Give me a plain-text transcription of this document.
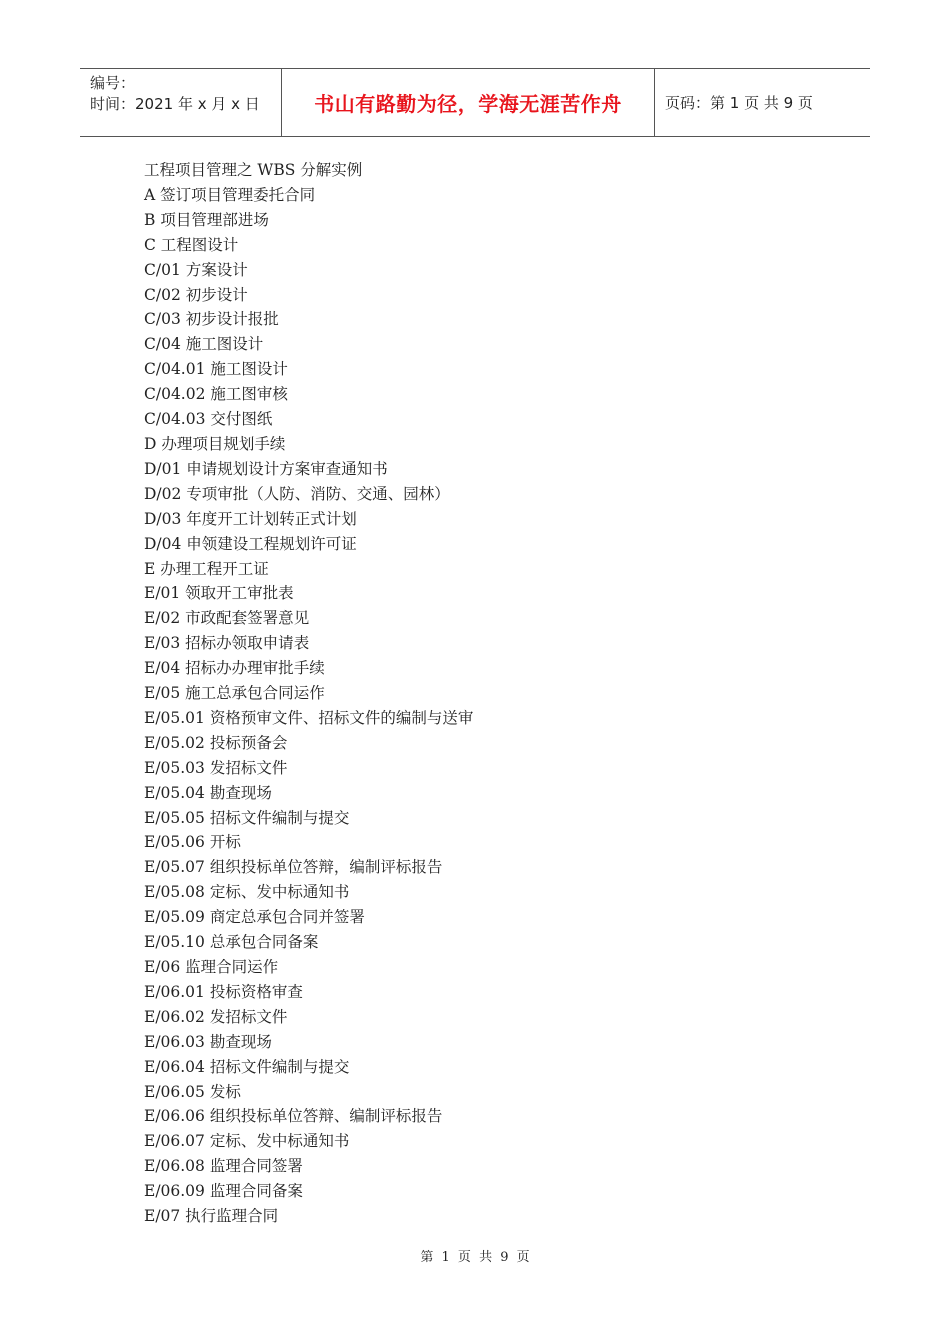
编号：
时间：2021 年 x 月 x 日	书山有路勤为径，学海无涯苦作舟	页码：第 1 页 共 9 页
工程项目管理之 WBS 分解实例
A 签订项目管理委托合同
B 项目管理部进场
C 工程图设计
C/01 方案设计
C/02 初步设计
C/03 初步设计报批
C/04 施工图设计
C/04.01 施工图设计
C/04.02 施工图审核
C/04.03 交付图纸
D 办理项目规划手续
D/01 申请规划设计方案审查通知书
D/02 专项审批（人防、消防、交通、园林）
D/03 年度开工计划转正式计划
D/04 申领建设工程规划许可证
E 办理工程开工证
E/01 领取开工审批表
E/02 市政配套签署意见
E/03 招标办领取申请表
E/04 招标办办理审批手续
E/05 施工总承包合同运作
E/05.01 资格预审文件、招标文件的编制与送审
E/05.02 投标预备会
E/05.03 发招标文件
E/05.04 勘查现场
E/05.05 招标文件编制与提交
E/05.06 开标
E/05.07 组织投标单位答辩，编制评标报告
E/05.08 定标、发中标通知书
E/05.09 商定总承包合同并签署
E/05.10 总承包合同备案
E/06 监理合同运作
E/06.01 投标资格审查
E/06.02 发招标文件
E/06.03 勘查现场
E/06.04 招标文件编制与提交
E/06.05 发标
E/06.06 组织投标单位答辩、编制评标报告
E/06.07 定标、发中标通知书
E/06.08 监理合同签署
E/06.09 监理合同备案
E/07 执行监理合同
第 1 页 共 9 页
